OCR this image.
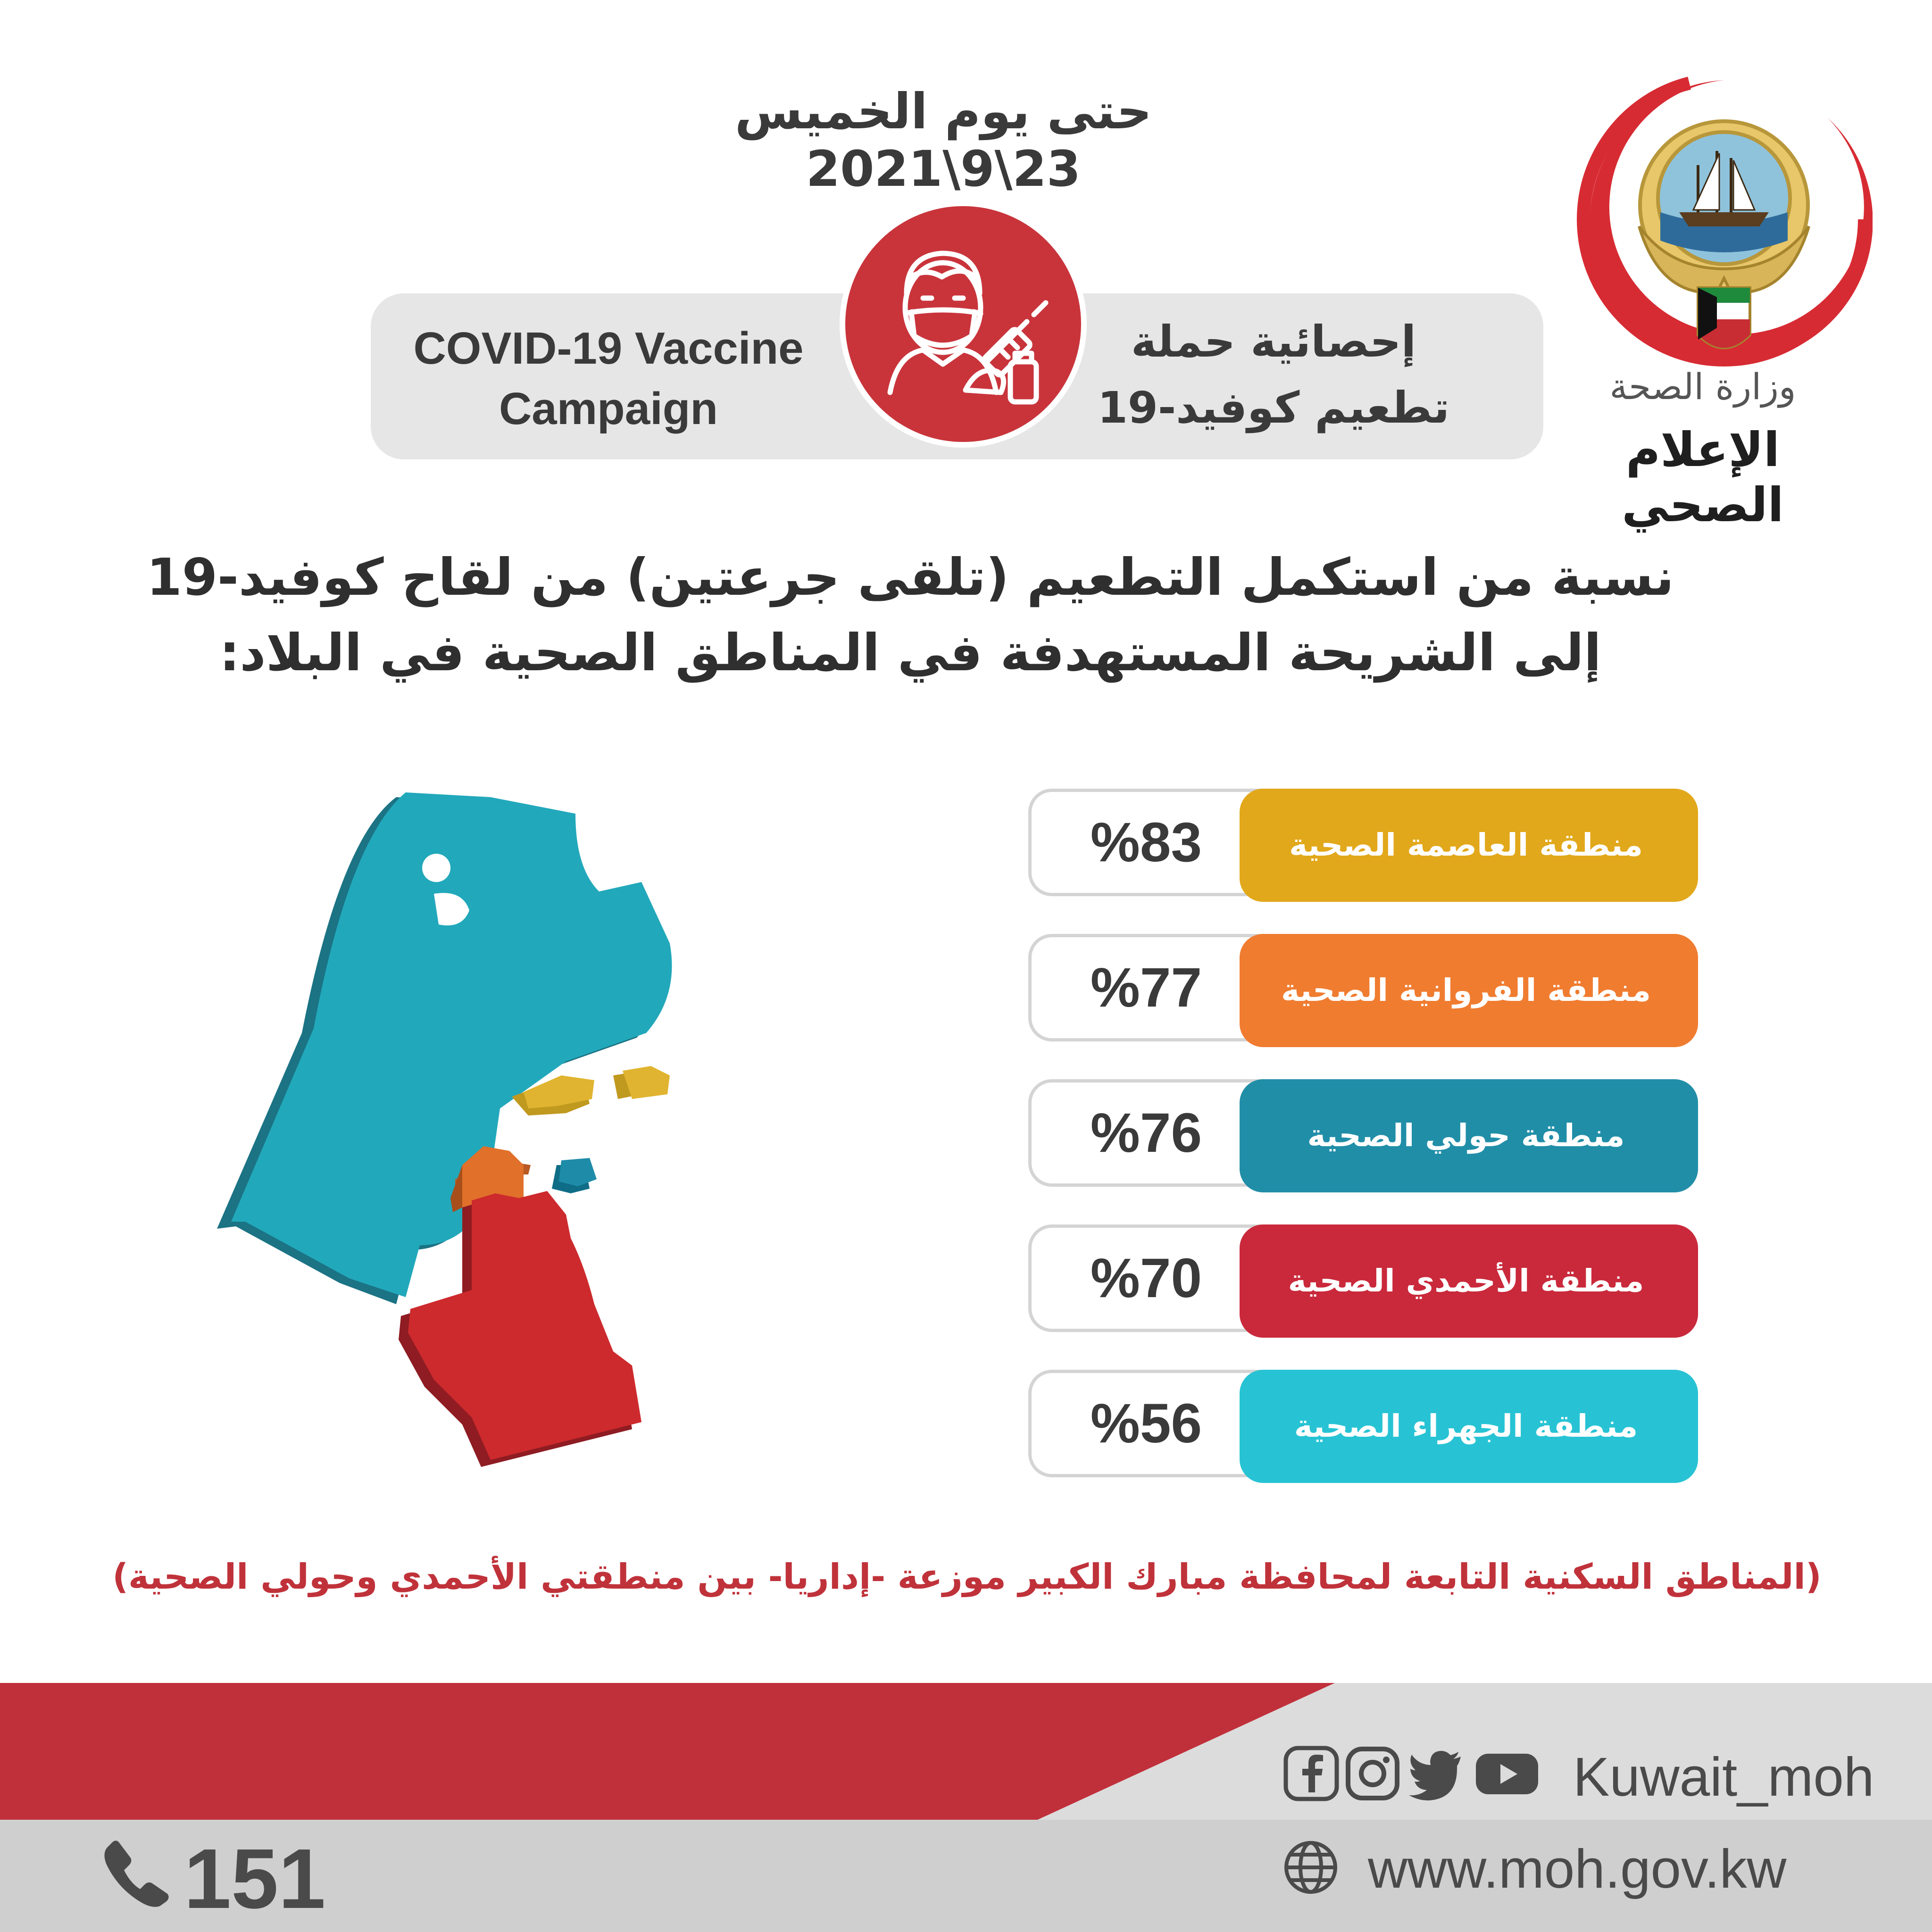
حتى يوم الخميس 23\9\2021
COVID-19 Vaccine
Campaign
إحصائية حملة
تطعيم كوفيد-19	وزارة الصحة
الإعلام الصحي
نسبة من استكمل التطعيم (تلقى جرعتين) من لقاح كوفيد-19
إلى الشريحة المستهدفة في المناطق الصحية في البلاد:
%83	منطقة العاصمة الصحية
%77	منطقة الفروانية الصحية
%76	منطقة حولي الصحية
%70	منطقة الأحمدي الصحية
%56	منطقة الجهراء الصحية
(المناطق السكنية التابعة لمحافظة مبارك الكبير موزعة -إداريا- بين منطقتي الأحمدي وحولي الصحية)
Kuwait_moh
www.moh.gov.kw
151
